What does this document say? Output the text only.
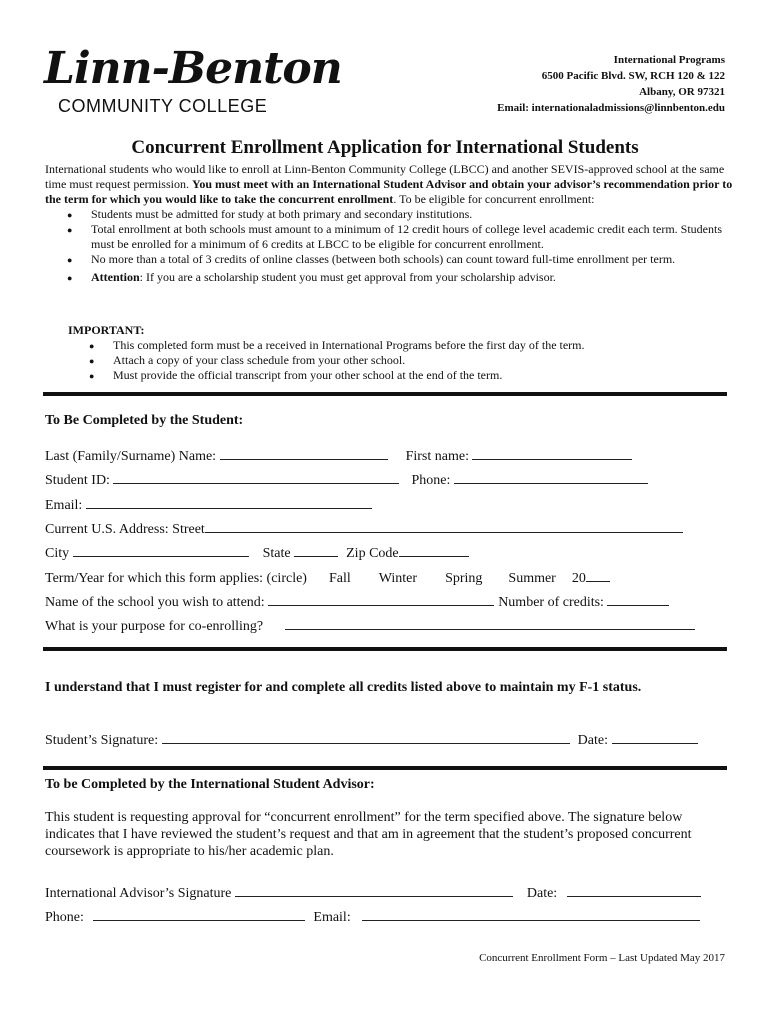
Linn-Benton
COMMUNITY COLLEGE
International Programs
6500 Pacific Blvd. SW, RCH 120 & 122
Albany, OR 97321
Email: internationaladmissions@linnbenton.edu
Concurrent Enrollment Application for International Students
International students who would like to enroll at Linn-Benton Community College (LBCC) and another SEVIS-approved school at the same time must request permission. You must meet with an International Student Advisor and obtain your advisor’s recommendation prior to the term for which you would like to take the concurrent enrollment. To be eligible for concurrent enrollment:
● Students must be admitted for study at both primary and secondary institutions.
● Total enrollment at both schools must amount to a minimum of 12 credit hours of college level academic credit each term. Students must be enrolled for a minimum of 6 credits at LBCC to be eligible for concurrent enrollment.
● No more than a total of 3 credits of online classes (between both schools) can count toward full-time enrollment per term.
● Attention: If you are a scholarship student you must get approval from your scholarship advisor.
IMPORTANT:
● This completed form must be a received in International Programs before the first day of the term.
● Attach a copy of your class schedule from your other school.
● Must provide the official transcript from your other school at the end of the term.
To Be Completed by the Student:
Last (Family/Surname) Name:	First name:
Student ID:	Phone:
Email:
Current U.S. Address: Street
City	State	Zip Code
Term/Year for which this form applies: (circle) Fall Winter Spring Summer 20
Name of the school you wish to attend:	Number of credits:
What is your purpose for co-enrolling?
I understand that I must register for and complete all credits listed above to maintain my F-1 status.
Student’s Signature:	Date:
To be Completed by the International Student Advisor:
This student is requesting approval for “concurrent enrollment” for the term specified above. The signature below indicates that I have reviewed the student’s request and that am in agreement that the student’s proposed concurrent coursework is appropriate to his/her academic plan.
International Advisor’s Signature	Date:
Phone:	Email:
Concurrent Enrollment Form – Last Updated May 2017
